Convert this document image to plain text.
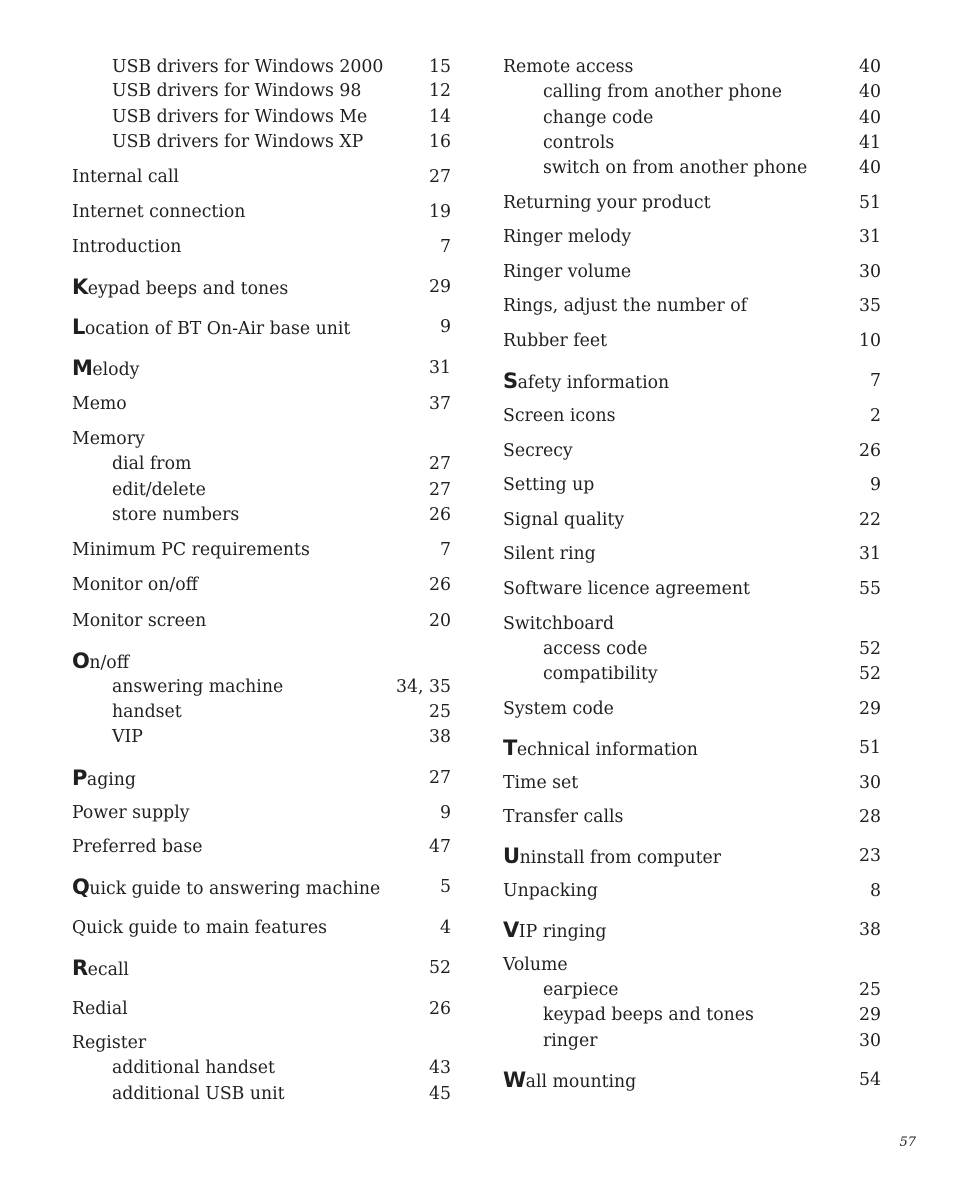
USB drivers for Windows 2000	15
USB drivers for Windows 98	12
USB drivers for Windows Me	14
USB drivers for Windows XP	16
Internal call	27
Internet connection	19
Introduction	7
Keypad beeps and tones	29
Location of BT On-Air base unit	9
Melody	31
Memo	37
Memory
dial from	27
edit/delete	27
store numbers	26
Minimum PC requirements	7
Monitor on/off	26
Monitor screen	20
On/off
answering machine	34, 35
handset	25
VIP	38
Paging	27
Power supply	9
Preferred base	47
Quick guide to answering machine	5
Quick guide to main features	4
Recall	52
Redial	26
Register
additional handset	43
additional USB unit	45
Remote access	40
calling from another phone	40
change code	40
controls	41
switch on from another phone	40
Returning your product	51
Ringer melody	31
Ringer volume	30
Rings, adjust the number of	35
Rubber feet	10
Safety information	7
Screen icons	2
Secrecy	26
Setting up	9
Signal quality	22
Silent ring	31
Software licence agreement	55
Switchboard
access code	52
compatibility	52
System code	29
Technical information	51
Time set	30
Transfer calls	28
Uninstall from computer	23
Unpacking	8
VIP ringing	38
Volume
earpiece	25
keypad beeps and tones	29
ringer	30
Wall mounting	54
57
